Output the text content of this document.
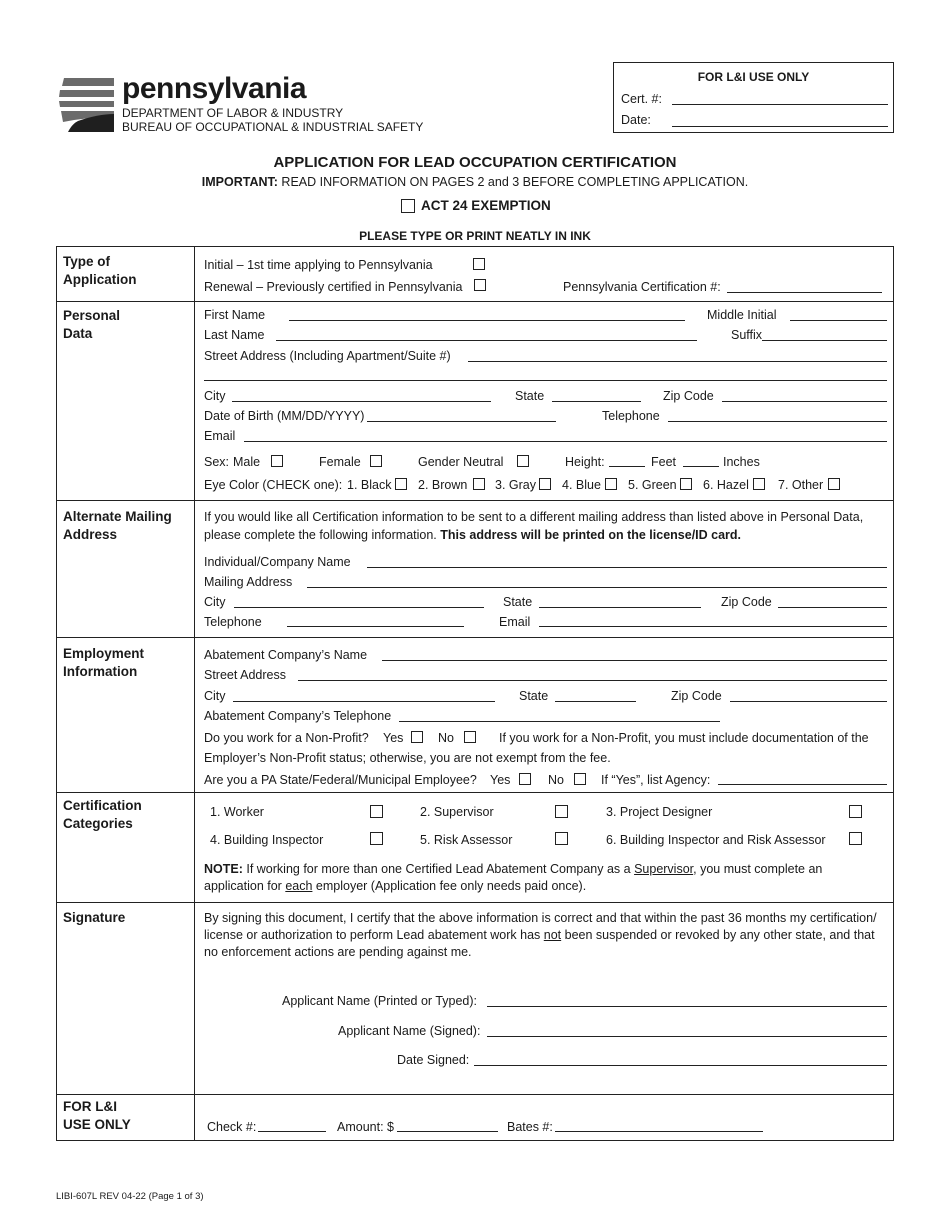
pennsylvania
DEPARTMENT OF LABOR & INDUSTRY
BUREAU OF OCCUPATIONAL & INDUSTRIAL SAFETY
FOR L&I USE ONLY
Cert. #:
Date:
APPLICATION FOR LEAD OCCUPATION CERTIFICATION
IMPORTANT: READ INFORMATION ON PAGES 2 and 3 BEFORE COMPLETING APPLICATION.
ACT 24 EXEMPTION
PLEASE TYPE OR PRINT NEATLY IN INK
Type of
Application
Initial – 1st time applying to Pennsylvania
Renewal – Previously certified in Pennsylvania	Pennsylvania Certification #:
Personal
Data
First Name	Middle Initial
Last Name	Suffix
Street Address (Including Apartment/Suite #)
City	State	Zip Code
Date of Birth (MM/DD/YYYY)	Telephone
Email
Sex: Male	Female	Gender Neutral	Height:	Feet	Inches
Eye Color (CHECK one): 1. Black 2. Brown 3. Gray 4. Blue 5. Green 6. Hazel 7. Other
Alternate Mailing
Address
If you would like all Certification information to be sent to a different mailing address than listed above in Personal Data,
please complete the following information. This address will be printed on the license/ID card.
Individual/Company Name
Mailing Address
City	State	Zip Code
Telephone	Email
Employment
Information
Abatement Company’s Name
Street Address
City	State	Zip Code
Abatement Company’s Telephone
Do you work for a Non-Profit? Yes	No	If you work for a Non-Profit, you must include documentation of the
Employer’s Non-Profit status; otherwise, you are not exempt from the fee.
Are you a PA State/Federal/Municipal Employee? Yes	No	If “Yes”, list Agency:
Certification
Categories
1. Worker	2. Supervisor	3. Project Designer
4. Building Inspector	5. Risk Assessor	6. Building Inspector and Risk Assessor
NOTE: If working for more than one Certified Lead Abatement Company as a Supervisor, you must complete an
application for each employer (Application fee only needs paid once).
Signature	By signing this document, I certify that the above information is correct and that within the past 36 months my certification/
license or authorization to perform Lead abatement work has not been suspended or revoked by any other state, and that
no enforcement actions are pending against me.
Applicant Name (Printed or Typed):
Applicant Name (Signed):
Date Signed:
FOR L&I
USE ONLY	Check #:	Amount: $	Bates #:
LIBI-607L REV 04-22 (Page 1 of 3)
